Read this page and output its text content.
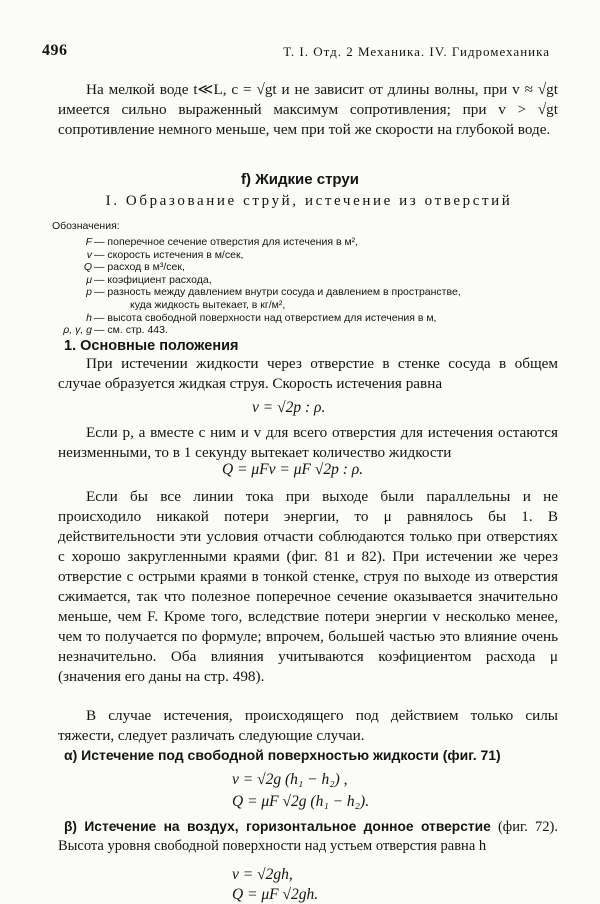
496	Т. I. Отд. 2 Механика. IV. Гидромеханика

На мелкой воде t≪L, c = √gt и не зависит от длины волны, при v ≈ √gt имеется сильно выраженный максимум сопротивления; при v > √gt сопротивление немного меньше, чем при той же скорости на глубокой воде.

f) Жидкие струи
I. Образование струй, истечение из отверстий
Обозначения:
F — поперечное сечение отверстия для истечения в м²,
v — скорость истечения в м/сек,
Q — расход в м³/сек,
μ — коэфициент расхода,
p — разность между давлением внутри сосуда и давлением в пространстве,
куда жидкость вытекает, в кг/м²,
h — высота свободной поверхности над отверстием для истечения в м,
ρ, γ, g — см. стр. 443.
1. Основные положения

При истечении жидкости через отверстие в стенке сосуда в общем случае образуется жидкая струя. Скорость истечения равна

v = √2p : ρ.

Если p, а вместе с ним и v для всего отверстия для истечения остаются неизменными, то в 1 секунду вытекает количество жидкости

Q = μFv = μF √2p : ρ.

Если бы все линии тока при выходе были параллельны и не происходило никакой потери энергии, то μ равнялось бы 1. В действительности эти условия отчасти соблюдаются только при отверстиях с хорошо закругленными краями (фиг. 81 и 82). При истечении же через отверстие с острыми краями в тонкой стенке, струя по выходе из отверстия сжимается, так что полезное поперечное сечение оказывается значительно меньше, чем F. Кроме того, вследствие потери энергии v несколько менее, чем то получается по формуле; впрочем, большей частью это влияние очень незначительно. Оба влияния учитываются коэфициентом расхода μ (значения его даны на стр. 498).

В случае истечения, происходящего под действием только силы тяжести, следует различать следующие случаи.

α) Истечение под свободной поверхностью жидкости (фиг. 71)
v = √2g (h₁ − h₂) ,
Q = μF √2g (h₁ − h₂).

β) Истечение на воздух, горизонтальное донное отверстие (фиг. 72). Высота уровня свободной поверхности над устьем отверстия равна h

v = √2gh,
Q = μF √2gh.
